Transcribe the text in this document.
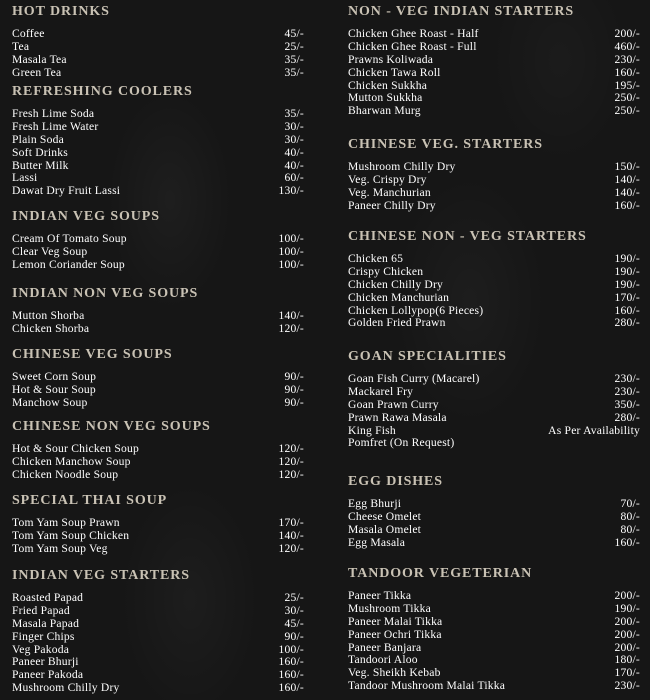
HOT DRINKS
Coffee	45/-
Tea	25/-
Masala Tea	35/-
Green Tea	35/-
REFRESHING COOLERS
Fresh Lime Soda	35/-
Fresh Lime Water	30/-
Plain Soda	30/-
Soft Drinks	40/-
Butter Milk	40/-
Lassi	60/-
Dawat Dry Fruit Lassi	130/-
INDIAN VEG SOUPS
Cream Of Tomato Soup	100/-
Clear Veg Soup	100/-
Lemon Coriander Soup	100/-
INDIAN NON VEG SOUPS
Mutton Shorba	140/-
Chicken Shorba	120/-
CHINESE VEG SOUPS
Sweet Corn Soup	90/-
Hot & Sour Soup	90/-
Manchow Soup	90/-
CHINESE NON VEG SOUPS
Hot & Sour Chicken Soup	120/-
Chicken Manchow Soup	120/-
Chicken Noodle Soup	120/-
SPECIAL THAI SOUP
Tom Yam Soup Prawn	170/-
Tom Yam Soup Chicken	140/-
Tom Yam Soup Veg	120/-
INDIAN VEG STARTERS
Roasted Papad	25/-
Fried Papad	30/-
Masala Papad	45/-
Finger Chips	90/-
Veg Pakoda	100/-
Paneer Bhurji	160/-
Paneer Pakoda	160/-
Mushroom Chilly Dry	160/-
NON - VEG INDIAN STARTERS
Chicken Ghee Roast - Half	200/-
Chicken Ghee Roast - Full	460/-
Prawns Koliwada	230/-
Chicken Tawa Roll	160/-
Chicken Sukkha	195/-
Mutton Sukkha	250/-
Bharwan Murg	250/-
CHINESE VEG. STARTERS
Mushroom Chilly Dry	150/-
Veg. Crispy Dry	140/-
Veg. Manchurian	140/-
Paneer Chilly Dry	160/-
CHINESE NON - VEG STARTERS
Chicken 65	190/-
Crispy Chicken	190/-
Chicken Chilly Dry	190/-
Chicken Manchurian	170/-
Chicken Lollypop(6 Pieces)	160/-
Golden Fried Prawn	280/-
GOAN SPECIALITIES
Goan Fish Curry (Macarel)	230/-
Mackarel Fry	230/-
Goan Prawn Curry	350/-
Prawn Rawa Masala	280/-
King Fish	As Per Availability
Pomfret (On Request)
EGG DISHES
Egg Bhurji	70/-
Cheese Omelet	80/-
Masala Omelet	80/-
Egg Masala	160/-
TANDOOR VEGETERIAN
Paneer Tikka	200/-
Mushroom Tikka	190/-
Paneer Malai Tikka	200/-
Paneer Ochri Tikka	200/-
Paneer Banjara	200/-
Tandoori Aloo	180/-
Veg. Sheikh Kebab	170/-
Tandoor Mushroom Malai Tikka	230/-
